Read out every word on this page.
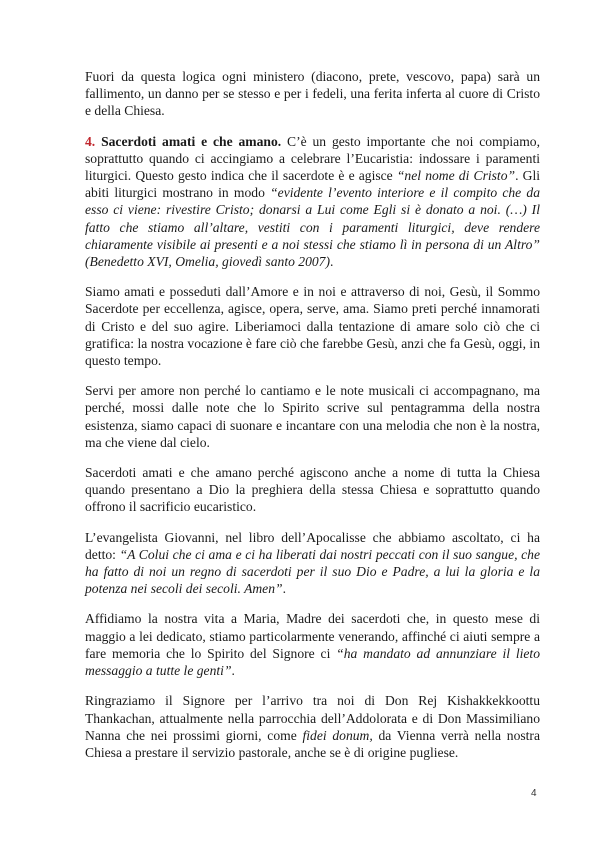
Fuori da questa logica ogni ministero (diacono, prete, vescovo, papa) sarà un fallimento, un danno per se stesso e per i fedeli, una ferita inferta al cuore di Cristo e della Chiesa.

4. Sacerdoti amati e che amano. C’è un gesto importante che noi compiamo, soprattutto quando ci accingiamo a celebrare l’Eucaristia: indossare i paramenti liturgici. Questo gesto indica che il sacerdote è e agisce “nel nome di Cristo”. Gli abiti liturgici mostrano in modo “evidente l’evento interiore e il compito che da esso ci viene: rivestire Cristo; donarsi a Lui come Egli si è donato a noi. (…) Il fatto che stiamo all’altare, vestiti con i paramenti liturgici, deve rendere chiaramente visibile ai presenti e a noi stessi che stiamo lì in persona di un Altro” (Benedetto XVI, Omelia, giovedì santo 2007).

Siamo amati e posseduti dall’Amore e in noi e attraverso di noi, Gesù, il Sommo Sacerdote per eccellenza, agisce, opera, serve, ama. Siamo preti perché innamorati di Cristo e del suo agire. Liberiamoci dalla tentazione di amare solo ciò che ci gratifica: la nostra vocazione è fare ciò che farebbe Gesù, anzi che fa Gesù, oggi, in questo tempo.

Servi per amore non perché lo cantiamo e le note musicali ci accompagnano, ma perché, mossi dalle note che lo Spirito scrive sul pentagramma della nostra esistenza, siamo capaci di suonare e incantare con una melodia che non è la nostra, ma che viene dal cielo.

Sacerdoti amati e che amano perché agiscono anche a nome di tutta la Chiesa quando presentano a Dio la preghiera della stessa Chiesa e soprattutto quando offrono il sacrificio eucaristico.

L’evangelista Giovanni, nel libro dell’Apocalisse che abbiamo ascoltato, ci ha detto: “A Colui che ci ama e ci ha liberati dai nostri peccati con il suo sangue, che ha fatto di noi un regno di sacerdoti per il suo Dio e Padre, a lui la gloria e la potenza nei secoli dei secoli. Amen”.

Affidiamo la nostra vita a Maria, Madre dei sacerdoti che, in questo mese di maggio a lei dedicato, stiamo particolarmente venerando, affinché ci aiuti sempre a fare memoria che lo Spirito del Signore ci “ha mandato ad annunziare il lieto messaggio a tutte le genti”.

Ringraziamo il Signore per l’arrivo tra noi di Don Rej Kishakkekkoottu Thankachan, attualmente nella parrocchia dell’Addolorata e di Don Massimiliano Nanna che nei prossimi giorni, come fidei donum, da Vienna verrà nella nostra Chiesa a prestare il servizio pastorale, anche se è di origine pugliese.

4
